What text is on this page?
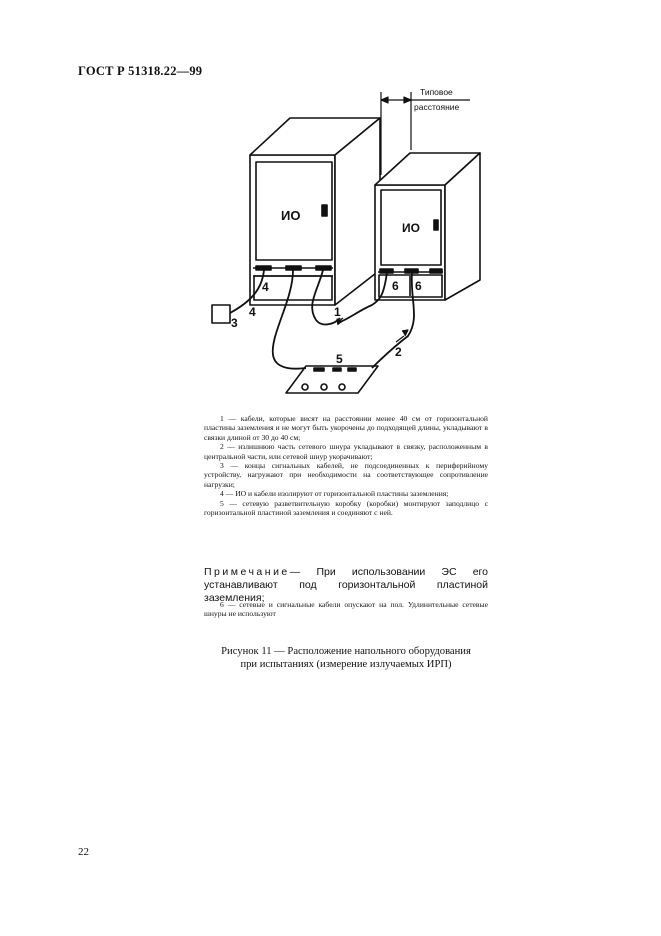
ГОСТ Р 51318.22—99
ИО
ИО
Типовое
расстояние
1
2
3
4
4
5
6 6

1 — кабели, которые висят на расстоянии менее 40 см от горизонтальной пластины заземления и не могут быть укорочены до подходящей длины, укладывают в связки длиной от 30 до 40 см;

2 — излишнюю часть сетевого шнура укладывают в связку, расположенным в центральной части, или сетевой шнур укорачивают;

3 — концы сигнальных кабелей, не подсоединенных к периферийному устройству, нагружают при необходимости на соответствующее сопротивление нагрузки;

4 — ИО и кабели изолируют от горизонтальной пластины заземления;

5 — сетевую разветвительную коробку (коробки) монтируют заподлицо с горизонтальной пластиной заземления и соединяют с ней.

Примечание— При использовании ЭС его устанавливают под горизонтальной пластиной заземления;

6 — сетевые и сигнальные кабели опускают на пол. Удлинительные сетевые шнуры не используют

Рисунок 11 — Расположение напольного оборудования
при испытаниях (измерение излучаемых ИРП)
22
